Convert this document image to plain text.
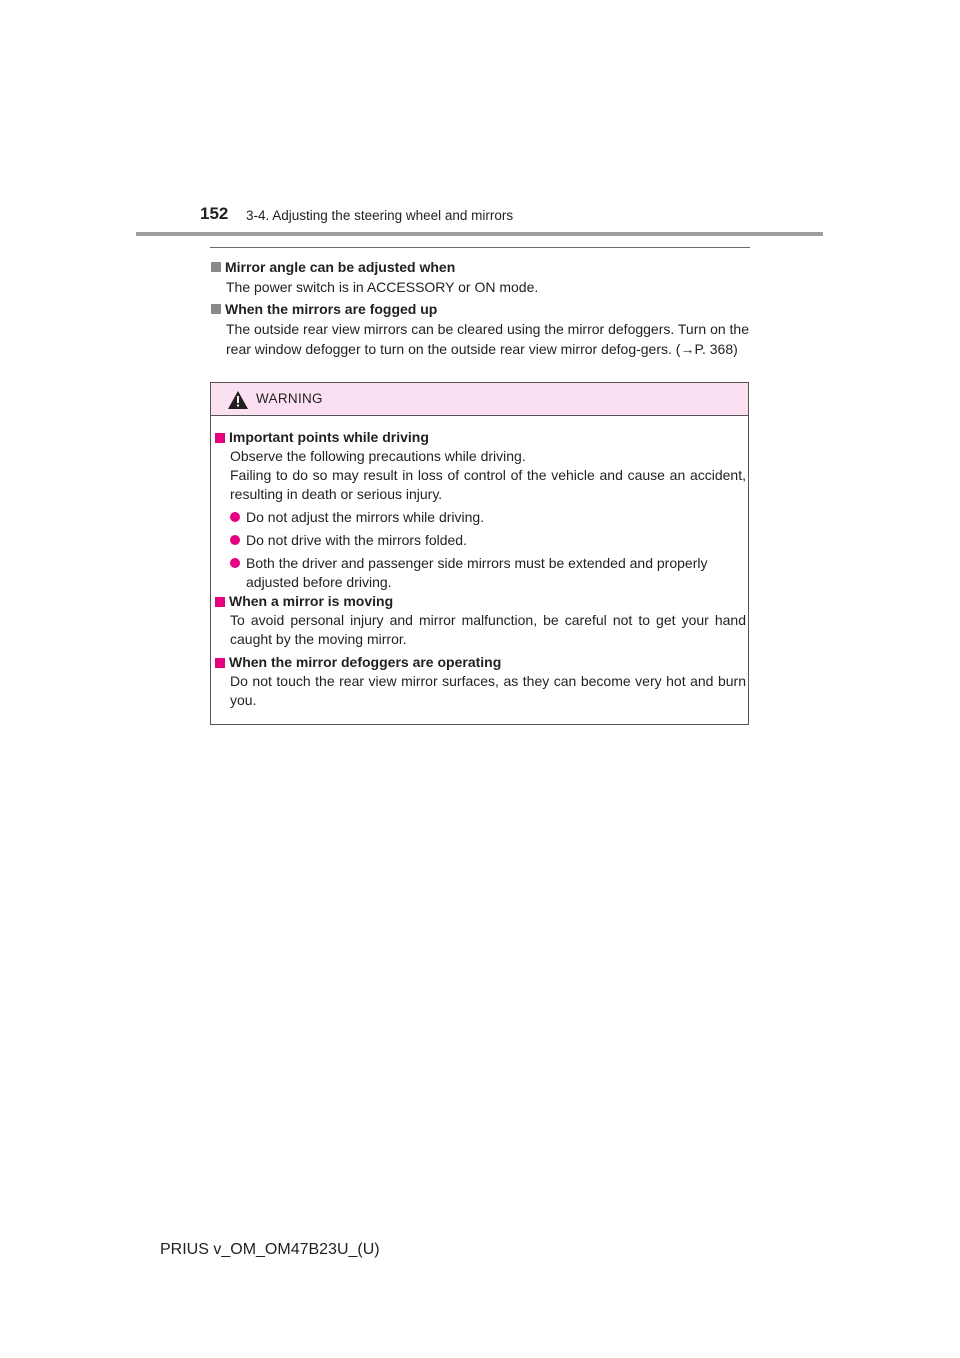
152 3-4. Adjusting the steering wheel and mirrors
Mirror angle can be adjusted when
The power switch is in ACCESSORY or ON mode.
When the mirrors are fogged up
The outside rear view mirrors can be cleared using the mirror defoggers. Turn on the rear window defogger to turn on the outside rear view mirror defog-gers. (→P. 368)
WARNING
Important points while driving
Observe the following precautions while driving.
Failing to do so may result in loss of control of the vehicle and cause an accident, resulting in death or serious injury.
Do not adjust the mirrors while driving.
Do not drive with the mirrors folded.
Both the driver and passenger side mirrors must be extended and properly adjusted before driving.
When a mirror is moving
To avoid personal injury and mirror malfunction, be careful not to get your hand caught by the moving mirror.
When the mirror defoggers are operating
Do not touch the rear view mirror surfaces, as they can become very hot and burn you.
PRIUS v_OM_OM47B23U_(U)
